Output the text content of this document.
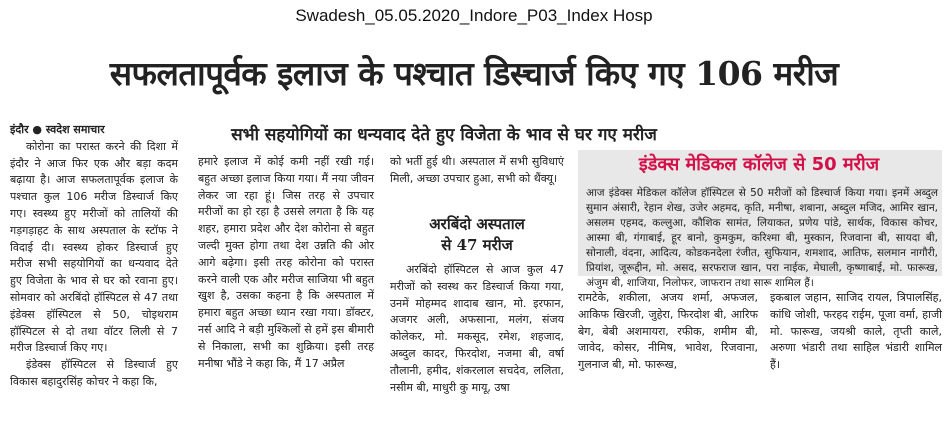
Swadesh_05.05.2020_Indore_P03_Index Hosp
सफलतापूर्वक इलाज के पश्चात डिस्चार्ज किए गए 106 मरीज
सभी सहयोगियों का धन्यवाद देते हुए विजेता के भाव से घर गए मरीज

इंदौर ● स्वदेश समाचार

कोरोना का परास्त करने की दिशा में इंदौर ने आज फिर एक और बड़ा कदम बढ़ाया है। आज सफलतापूर्वक इलाज के पश्चात कुल 106 मरीज डिस्चार्ज किए गए। स्वस्थ्य हुए मरीजों को तालियों की गड़गड़ाहट के साथ अस्पताल के स्टॉफ ने विदाई दी। स्वस्थ्य होकर डिस्चार्ज हुए मरीज सभी सहयोगियों का धन्यवाद देते हुए विजेता के भाव से घर को रवाना हुए। सोमवार को अरबिंदो हॉस्पिटल से 47 तथा इंडेक्स हॉस्पिटल से 50, चोइथराम हॉस्पिटल से दो तथा वॉटर लिली से 7 मरीज डिस्चार्ज किए गए।

इंडेक्स हॉस्पिटल से डिस्चार्ज हुए विकास बहादुरसिंह कोचर ने कहा कि,

हमारे इलाज में कोई कमी नहीं रखी गई। बहुत अच्छा इलाज किया गया। मैं नया जीवन लेकर जा रहा हूं। जिस तरह से उपचार मरीजों का हो रहा है उससे लगता है कि यह शहर, हमारा प्रदेश और देश कोरोना से बहुत जल्दी मुक्त होगा तथा देश उन्नति की ओर आगे बढ़ेगा। इसी तरह कोरोना को परास्त करने वाली एक और मरीज साजिया भी बहुत खुश है, उसका कहना है कि अस्पताल में हमारा बहुत अच्छा ध्यान रखा गया। डॉक्टर, नर्स आदि ने बड़ी मुश्किलों से हमें इस बीमारी से निकाला, सभी का शुक्रिया। इसी तरह मनीषा भौंडे ने कहा कि, मैं 17 अप्रैल

को भर्ती हुई थी। अस्पताल में सभी सुविधाएं मिली, अच्छा उपचार हुआ, सभी को थैंक्यू।

अरबिंदो अस्पताल
से 47 मरीज

अरबिंदो हॉस्पिटल से आज कुल 47 मरीजों को स्वस्थ कर डिस्चार्ज किया गया, उनमें मोहम्मद शादाब खान, मो. इरफान, अजगर अली, अफसाना, मलंग, संजय कोलेकर, मो. मकसूद, रमेश, शहजाद, अब्दुल कादर, फिरदोश, नजमा बी, वर्षा तौलानी, हमीद, शंकरलाल सचदेव, ललिता, नसीम बी, माधुरी कु मायू, उषा

इंडेक्स मेडिकल कॉलेज से 50 मरीज
आज इंडेक्स मेडिकल कॉलेज हॉस्पिटल से 50 मरीजों को डिस्चार्ज किया गया। इनमें अब्दुल सुमान अंसारी, रेहान शेख, उजेर अहमद, कृति, मनीषा, शबाना, अब्दुल मजिद, आमिर खान, असलम एहमद, कल्लुआ, कौशिक सामंत, लियाकत, प्रणेय पांडे, सार्थक, विकास कोचर, आस्मा बी, गंगाबाई, हूर बानो, कुमकुम, करिश्मा बी, मुस्कान, रिजवाना बी, सायदा बी, सोनाली, वंदना, आदित्य, कोडकनदेला रंजीत, सुफियान, शमशाद, आतिफ, सलमान नागौरी, प्रियांश, जूरूद्दीन, मो. असद, सरफराज खान, परा नाईक, मेघाली, कृष्णाबाई, मो. फारूख, अंजुम बी, शाजिया, निलोफर, जाफरान तथा सारू शामिल हैं।

रामटेके, शकीला, अजय शर्मा, अफजल, आकिफ खिरजी, जुहेरा, फिरदोश बी, आरिफ बेग, बेबी अशमायरा, रफीक, शमीम बी, जावेद, कोसर, नीमिष, भावेश, रिजवाना, गुलनाज बी, मो. फारूख,

इकबाल जहान, साजिद रायल, त्रिपालसिंह, कांधि जोशी, फरहद राईम, पूजा वर्मा, हाजी मो. फारूख, जयश्री काले, तृप्ती काले, अरुणा भंडारी तथा साहिल भंडारी शामिल हैं।
